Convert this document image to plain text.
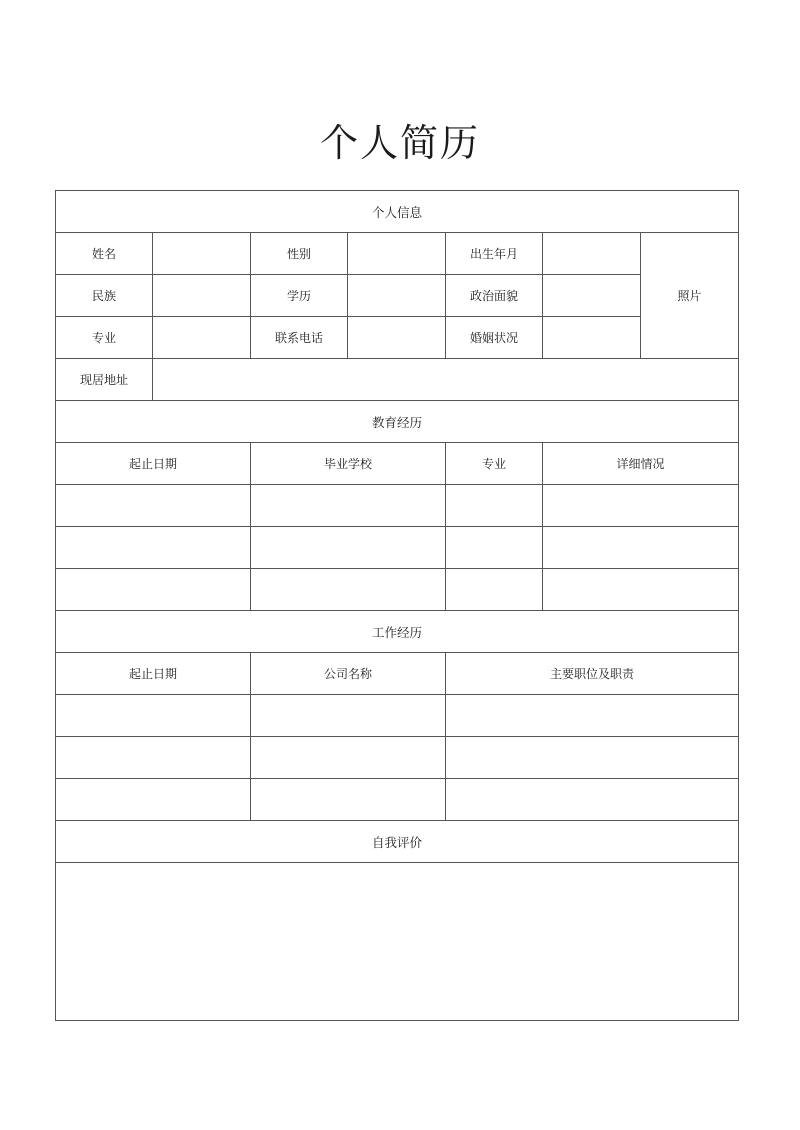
个人简历
个人信息						
姓名		性别		出生年月		照片
民族		学历		政治面貌		
专业		联系电话		婚姻状况		
现居地址						
教育经历						
起止日期		毕业学校		专业	详细情况	

工作经历						
起止日期		公司名称		主要职位及职责		

自我评价						
